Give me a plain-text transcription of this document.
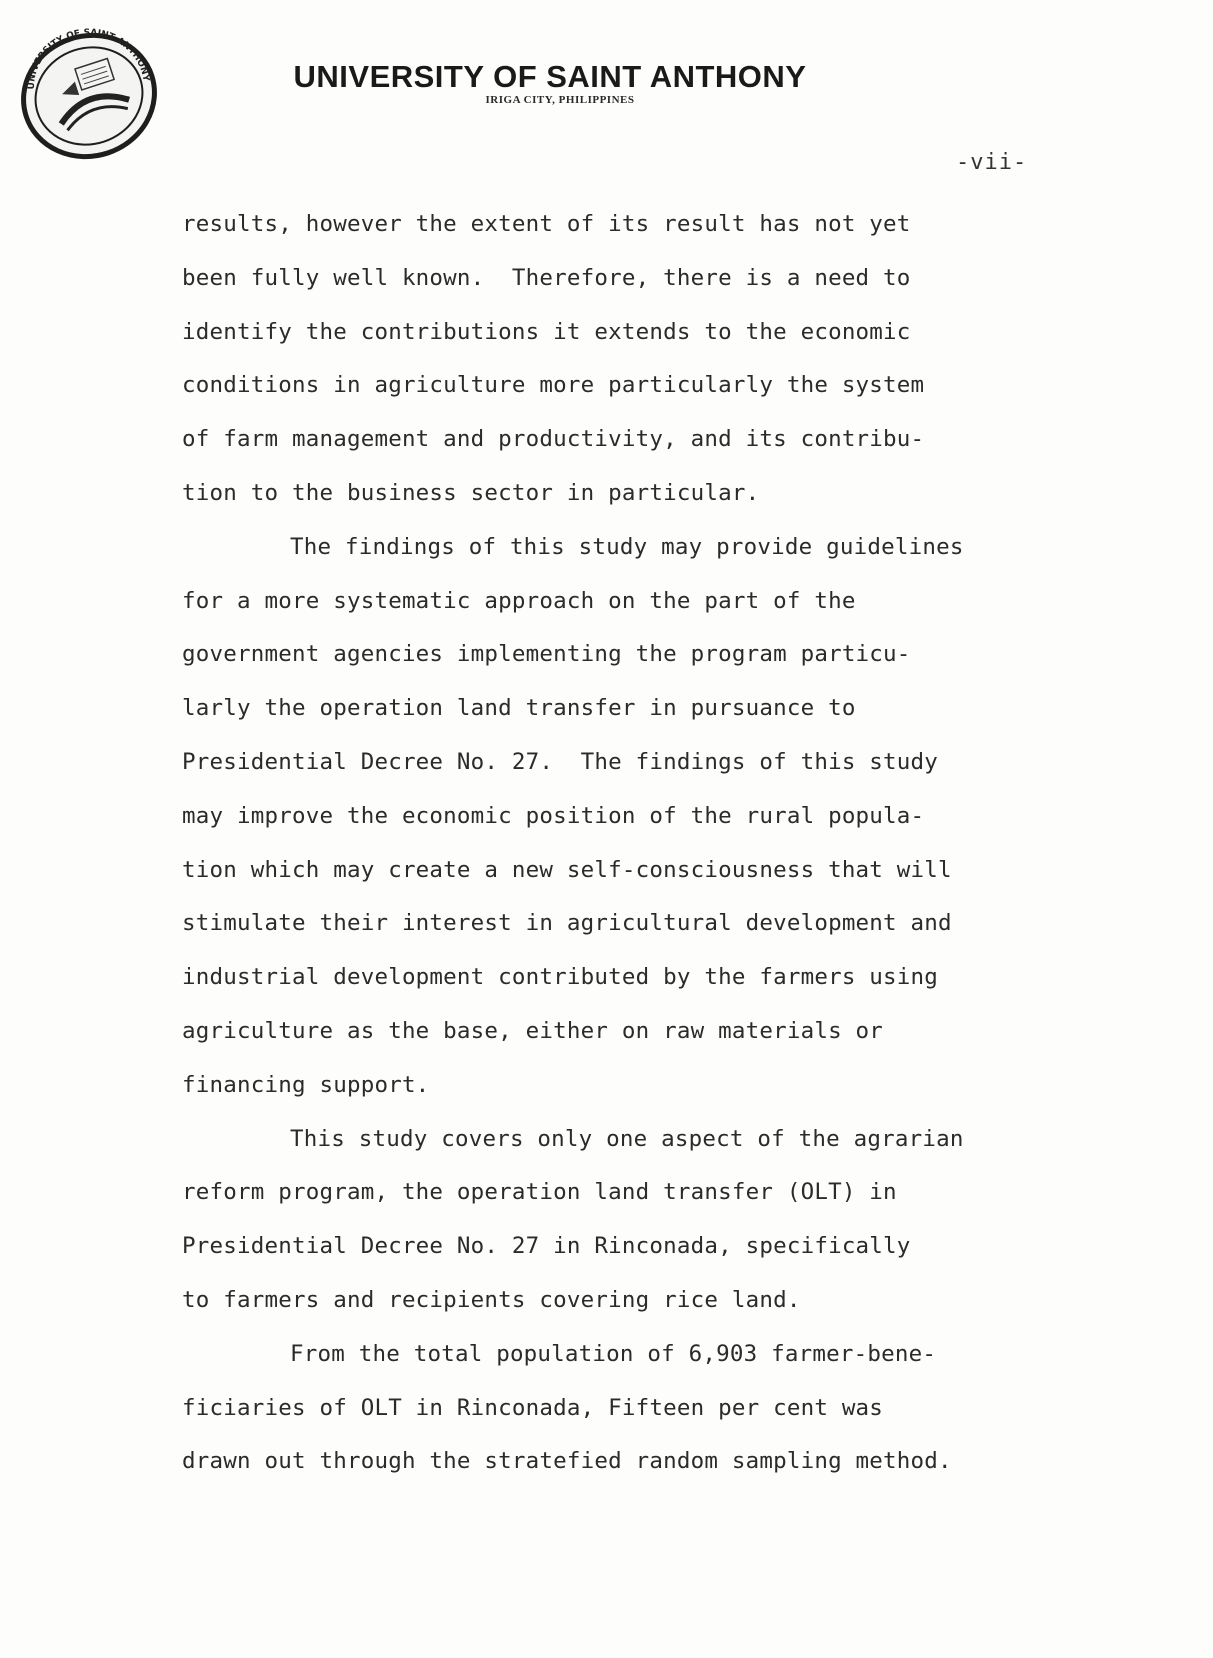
UNIVERSITY OF SAINT ANTHONY	UNIVERSITY OF SAINT ANTHONY
IRIGA CITY, PHILIPPINES
-vii-
results, however the extent of its result has not yet
been fully well known.  Therefore, there is a need to
identify the contributions it extends to the economic
conditions in agriculture more particularly the system
of farm management and productivity, and its contribu-
tion to the business sector in particular.
The findings of this study may provide guidelines
for a more systematic approach on the part of the
government agencies implementing the program particu-
larly the operation land transfer in pursuance to
Presidential Decree No. 27.  The findings of this study
may improve the economic position of the rural popula-
tion which may create a new self-consciousness that will
stimulate their interest in agricultural development and
industrial development contributed by the farmers using
agriculture as the base, either on raw materials or
financing support.
This study covers only one aspect of the agrarian
reform program, the operation land transfer (OLT) in
Presidential Decree No. 27 in Rinconada, specifically
to farmers and recipients covering rice land.
From the total population of 6,903 farmer-bene-
ficiaries of OLT in Rinconada, Fifteen per cent was
drawn out through the stratefied random sampling method.
